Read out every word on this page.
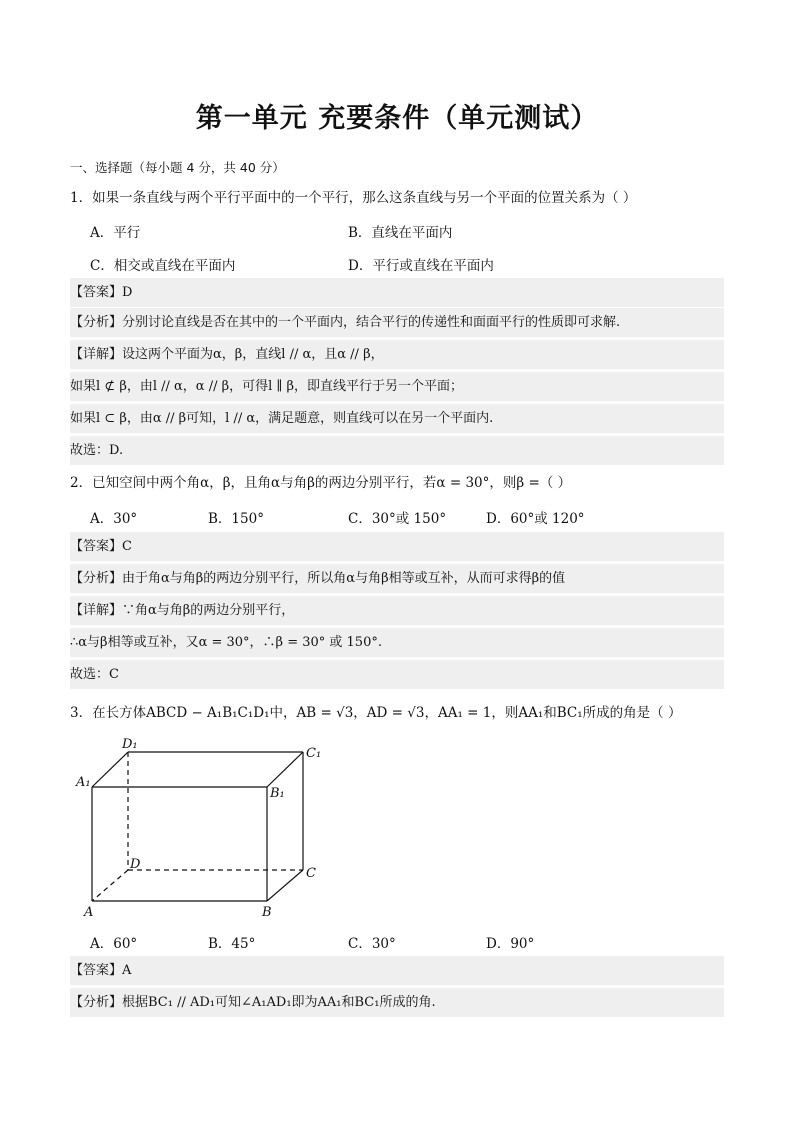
第一单元 充要条件（单元测试）
一、选择题（每小题 4 分，共 40 分）
1．如果一条直线与两个平行平面中的一个平行，那么这条直线与另一个平面的位置关系为（ ）
A．平行	B．直线在平面内
C．相交或直线在平面内	D．平行或直线在平面内
【答案】D
【分析】分别讨论直线是否在其中的一个平面内，结合平行的传递性和面面平行的性质即可求解.
【详解】设这两个平面为α，β，直线l // α，且α // β，
如果l ⊄ β，由l // α，α // β，可得l ∥ β，即直线平行于另一个平面；
如果l ⊂ β，由α // β可知，l // α，满足题意，则直线可以在另一个平面内.
故选：D.
2．已知空间中两个角α，β，且角α与角β的两边分别平行，若α = 30°，则β =（ ）
A．30°	B．150°	C．30°或 150°	D．60°或 120°
【答案】C
【分析】由于角α与角β的两边分别平行，所以角α与角β相等或互补，从而可求得β的值
【详解】∵角α与角β的两边分别平行，
∴α与β相等或互补，又α = 30°，∴β = 30° 或 150°.
故选：C
3．在长方体ABCD − A₁B₁C₁D₁中，AB = √3，AD = √3，AA₁ = 1，则AA₁和BC₁所成的角是（ ）
D₁
C₁
A₁
B₁
D
C
A	B
A．60°	B．45°	C．30°	D．90°
【答案】A
【分析】根据BC₁ // AD₁可知∠A₁AD₁即为AA₁和BC₁所成的角.
